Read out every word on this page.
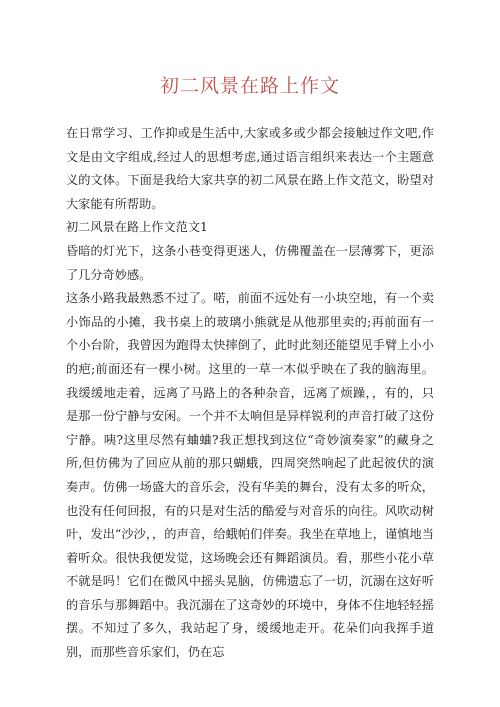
初二风景在路上作文

在日常学习、工作抑或是生活中,大家或多或少都会接触过作文吧,作文是由文字组成,经过人的思想考虑,通过语言组织来表达一个主题意义的文体。下面是我给大家共享的初二风景在路上作文范文，盼望对大家能有所帮助。

初二风景在路上作文范文1

昏暗的灯光下，这条小巷变得更迷人，仿佛覆盖在一层薄雾下，更添了几分奇妙感。

这条小路我最熟悉不过了。喏，前面不远处有一小块空地，有一个卖小饰品的小摊，我书桌上的玻璃小熊就是从他那里卖的;再前面有一个小台阶，我曾因为跑得太快摔倒了，此时此刻还能望见手臂上小小的疤;前面还有一棵小树。这里的一草一木似乎映在了我的脑海里。我缓缓地走着，远离了马路上的各种杂音，远离了烦躁，，有的，只是那一份宁静与安闲。一个并不太响但是异样锐利的声音打破了这份宁静。咦?这里尽然有蛐蛐?我正想找到这位“奇妙演奏家”的藏身之所,但仿佛为了回应从前的那只蝴蛾，四周突然响起了此起彼伏的演奏声。仿佛一场盛大的音乐会，没有华美的舞台，没有太多的听众，也没有任何回报，有的只是对生活的酷爱与对音乐的向往。风吹动树叶，发出“沙沙，，的声音，给蛾帕们伴奏。我坐在草地上，谨慎地当着听众。很快我便发觉，这场晚会还有舞蹈演员。看，那些小花小草不就是吗！它们在微风中摇头晃脑，仿佛遗忘了一切，沉溺在这好听的音乐与那舞蹈中。我沉溺在了这奇妙的环境中，身体不住地轻轻摇摆。不知过了多久，我站起了身，缓缓地走开。花朵们向我挥手道别，而那些音乐家们，仍在忘
